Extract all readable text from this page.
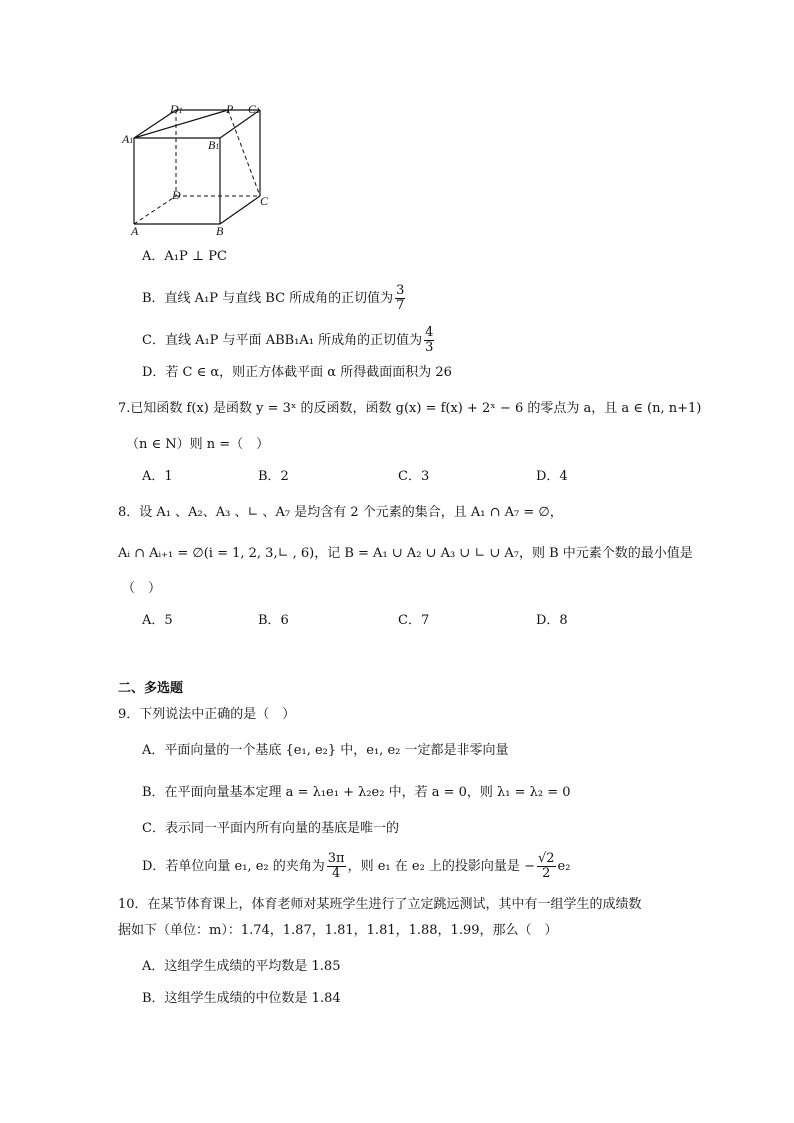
D1	P C1
A1	B1
D	C
A	B
A．A₁P ⊥ PC
B．直线 A₁P 与直线 BC 所成角的正切值为 $\frac{3}{7}$
C．直线 A₁P 与平面 ABB₁A₁ 所成角的正切值为 $\frac{4}{3}$
D．若 C ∈ α，则正方体截平面 α 所得截面面积为 26
7.已知函数 f(x) 是函数 y = 3ˣ 的反函数，函数 g(x) = f(x) + 2ˣ − 6 的零点为 a，且 a ∈ (n, n+1)
（n ∈ N）则 n =（　）
A．1	B．2	C．3	D．4
8．设 A₁ 、A₂、A₃ 、∟ 、A₇ 是均含有 2 个元素的集合，且 A₁ ∩ A₇ = ∅，
Aᵢ ∩ Aᵢ₊₁ = ∅(i = 1, 2, 3,∟ , 6)，记 B = A₁ ∪ A₂ ∪ A₃ ∪ ∟ ∪ A₇，则 B 中元素个数的最小值是
（　）
A．5	B．6	C．7	D．8
二、多选题
9．下列说法中正确的是（　）
A．平面向量的一个基底 {e₁, e₂} 中，e₁, e₂ 一定都是非零向量
B．在平面向量基本定理 a = λ₁e₁ + λ₂e₂ 中，若 a = 0，则 λ₁ = λ₂ = 0
C．表示同一平面内所有向量的基底是唯一的
D．若单位向量 e₁, e₂ 的夹角为 $\frac{3\pi}{4}$ ，则 e₁ 在 e₂ 上的投影向量是 − $\frac{√2}{2} e_2$
10．在某节体育课上，体育老师对某班学生进行了立定跳远测试，其中有一组学生的成绩数
据如下（单位：m）：1.74，1.87，1.81，1.81，1.88，1.99，那么（　）
A．这组学生成绩的平均数是 1.85
B．这组学生成绩的中位数是 1.84
